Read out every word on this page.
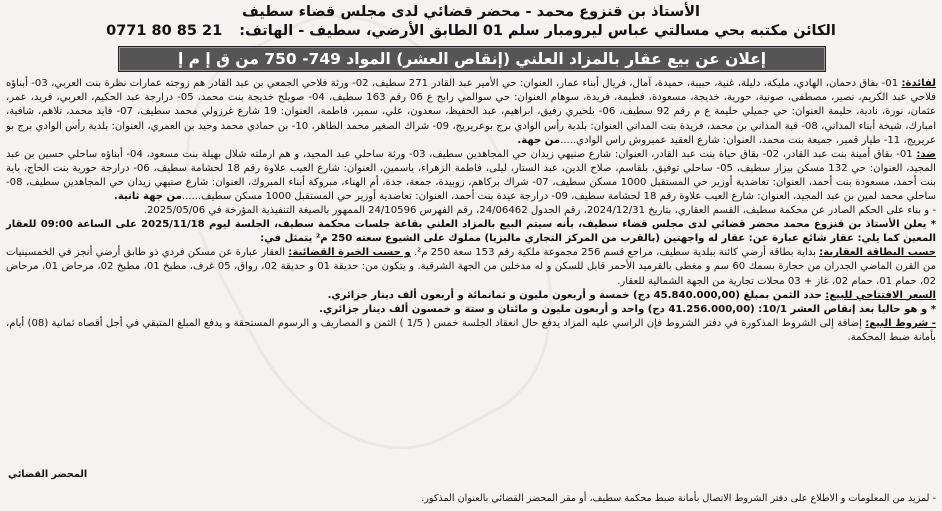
الأستاذ بن قنزوع محمد - محضر قضائي لدى مجلس قضاء سطيف
الكائن مكتبه بحي مسالتي عباس ليرومبار سلم 01 الطابق الأرضي، سطيف - الهاتف: 0771 80 85 21
إعلان عن بيع عقار بالمزاد العلني (إنقاص العشر) المواد 749- 750 من ق إ م إ

لفائدة: 01- بفاق دحمان، الهادي، مليكة، دليلة، غنية، حبيبة، حميدة، آمال، فريال أبناء عمار، العنوان: حي الأمير عبد القادر 271 سطيف، 02- ورثة فلاحي الجمعي بن عبد القادر هم زوجته عمارات نظرة بنت العربي، 03- أبناؤه فلاحي عبد الكريم، نصير، مصطفى، صونية، حورية، خديجة، مسعودة، فطيمة، فريدة، سوهام العنوان: حي سوالمي رابح ع 06 رقم 163 سطيف، 04- صويلح خديجة بنت محمد، 05- درارجة عبد الحكيم، العربي، فريد، عمر، عثمان، نورة، نادية، حليمة العنوان: حي جميلي حليمة ع م رقم 92 سطيف، 06- بلحيري رفيق، ابراهيم، عبد الحفيظ، سعدون، علي، سمير، فاطمة، العنوان: 19 شارع غرزولي محمد سطيف، 07- فايد محمد، تلاهم، شافية، امبارك، شيخة أبناء المداني، 08- قبة المداني بن محمد، فريدة بنت المداني العنوان: بلدية رأس الوادي برج بوعريريج، 09- شراك الصغير محمد الطاهر، 10- بن حمادي محمد وحيد بن العمري، العنوان: بلدية رأس الوادي برج بو عريريج، 11- طيار قمير، جميعة بنت محمد، العنوان: شارع العقيد عميروش راس الوادي.....من جهة.

ضد: 01- بقاق أمينة بنت عبد القادر، 02- بقاق حياة بنت عبد القادر، العنوان: شارع صنيهي زيدان حي المجاهدين سطيف، 03- ورثة ساحلي عبد المجيد، و هم ارملته شلال بهيلة بنت مسعود، 04- أبناؤه ساحلي حسين بن عبد المجيد، العنوان: حي 132 مسكن بيزار سطيف، 05- ساحلي توفيق، بلقاسم، صلاح الدين، عبد الستار، ليلى، فاطمة الزهراء، ياسمين، العنوان: شارع العيب علاوة رقم 18 لحشامة سطيف، 06- درارجة حورية بنت الحاج، باية بنت أحمد، مسعودة بنت أحمد، العنوان: تعاضدية أوزير حي المستقبل 1000 مسكن سطيف، 07- شراك بركاهم، زوبيدة، جمعة، جدة، أم الهناء، مبروكة أبناء المبروك، العنوان: شارع صنيهي زيدان حي المجاهدين سطيف، 08- ساحلي محمد لمين بن عبد المجيد، العنوان: شارع العيب علاوة رقم 18 لحشامة سطيف، 09- درارجة عيدة بنت أحمد، العنوان: تعاضدية أوزير حي المستقبل 1000 مسكن سطيف......من جهة ثانية.

- و بناء على الحكم الصادر عن محكمة سطيف، القسم العقاري، بتاريخ 2024/12/31، رقم الجدول 24/06462، رقم الفهرس 24/10596 الممهور بالصيغة التنفيذية المؤرخة في 2025/05/06.

* يعلن الأستاذ بن قنزوع محمد محضر قضائي لدى مجلس قضاء سطيف، بأنه سيتم البيع بالمزاد العلني بقاعة جلسات محكمة سطيف، الجلسة ليوم 2025/11/18 على الساعة 09:00 للعقار المعين كما يلي: عقار شائع عبارة عن: عقار له واجهتين (بالقرب من المركز التجاري مالبزيا) مملوك على الشيوع سعته 250 م² يتمثل في:

حسب البطاقة العقارية: بداية بطاقة أرضي كائنة ببلدية سطيف، مراجع قسم 256 مجموعة ملكية رقم 153 سعة 250 م². و حسب الخبرة القضائية: العقار عبارة عن مسكن فردي ذو طابق أرضي أنجز في الخمسينيات من القرن الماضي الجدران من حجارة بسمك 60 سم و مغطى بالقرميد الأحمر قابل للسكن و له مدخلين من الجهة الشرقية. و يتكون من: حديقة 01 و حديقة 02، رواق، 05 غرف، مطبخ 01، مطبخ 02، مرحاض 01، مرحاض 02، حمام 01، حمام 02، غاز + 03 محلات تجارية من الجهة الشمالية للعقار.

السعر الافتتاحي للبيع: حدد الثمن بمبلغ (45.840.000,00 دج) خمسة و أربعون مليون و ثمانمائة و أربعون ألف دينار جزائري.

* و هو حاليا بعد إنقاص العشر 10/1: (41.256.000,00 دج) واحد و أربعون مليون و مائتان و ستة و خمسون ألف دينار جزائري.

- شروط البيع: إضافة إلى الشروط المذكورة في دفتر الشروط فإن الراسي عليه المزاد يدفع حال انعقاد الجلسة خمس ( 1/5 ) الثمن و المصاريف و الرسوم المستحقة و يدفع المبلغ المتبقي في أجل أقصاه ثمانية (08) أيام، بأمانة ضبط المحكمة.

المحضر القضائي
- لمزيد من المعلومات و الاطلاع على دفتر الشروط الاتصال بأمانة ضبط محكمة سطيف، أو مقر المحضر القضائي بالعنوان المذكور.
